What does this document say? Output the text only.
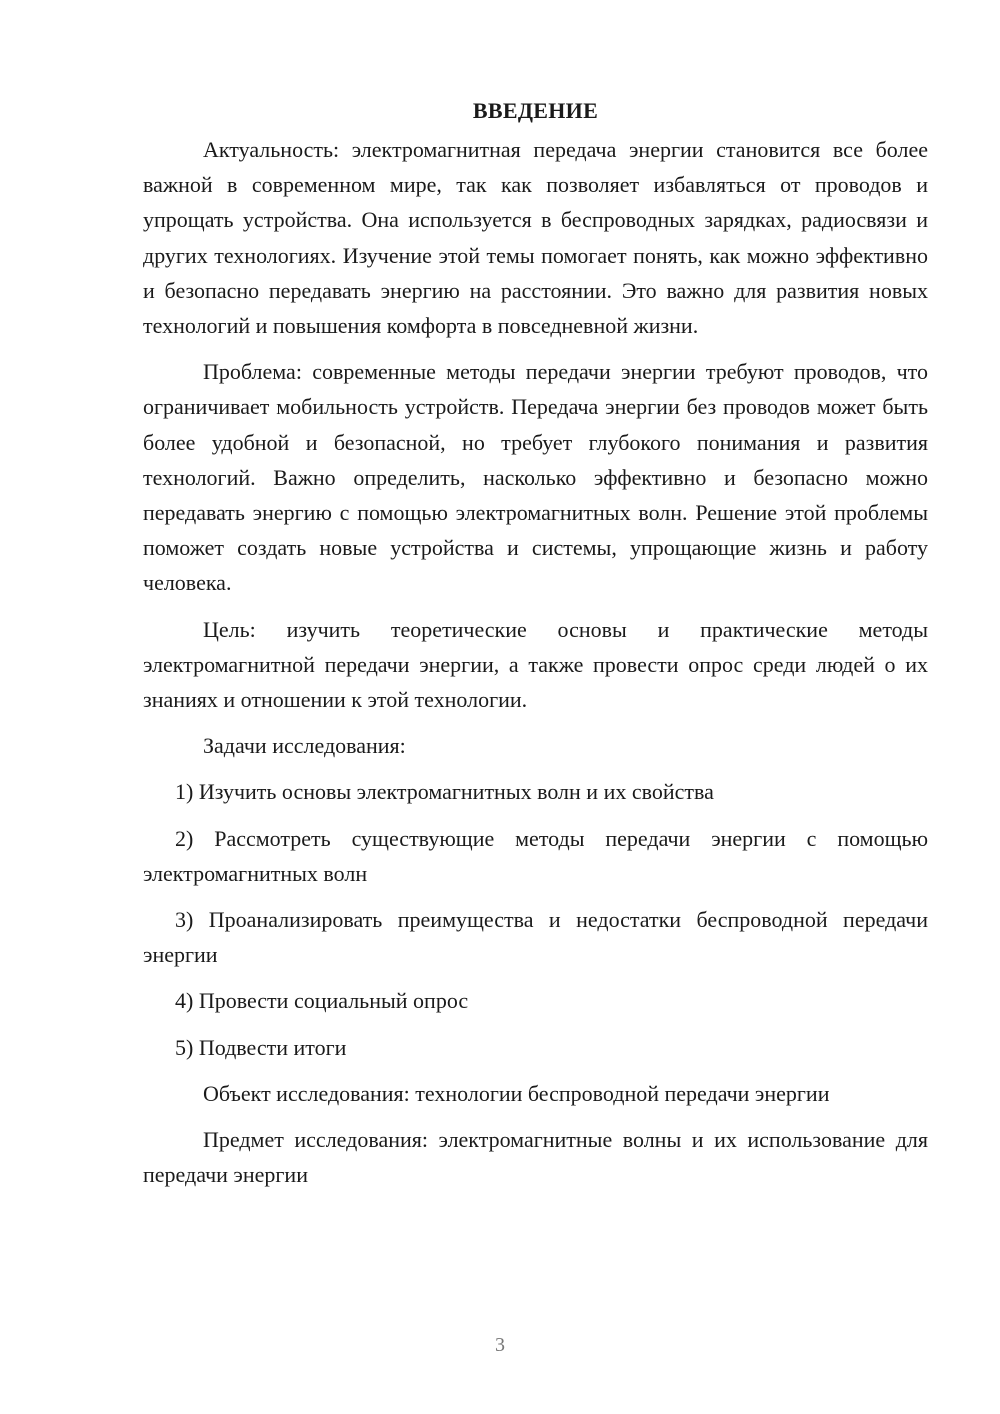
ВВЕДЕНИЕ

Актуальность: электромагнитная передача энергии становится все более важной в современном мире, так как позволяет избавляться от проводов и упрощать устройства. Она используется в беспроводных зарядках, радиосвязи и других технологиях. Изучение этой темы помогает понять, как можно эффективно и безопасно передавать энергию на расстоянии. Это важно для развития новых технологий и повышения комфорта в повседневной жизни.

Проблема: современные методы передачи энергии требуют проводов, что ограничивает мобильность устройств. Передача энергии без проводов может быть более удобной и безопасной, но требует глубокого понимания и развития технологий. Важно определить, насколько эффективно и безопасно можно передавать энергию с помощью электромагнитных волн. Решение этой проблемы поможет создать новые устройства и системы, упрощающие жизнь и работу человека.

Цель: изучить теоретические основы и практические методы электромагнитной передачи энергии, а также провести опрос среди людей о их знаниях и отношении к этой технологии.

Задачи исследования:

1) Изучить основы электромагнитных волн и их свойства

2) Рассмотреть существующие методы передачи энергии с помощью электромагнитных волн

3) Проанализировать преимущества и недостатки беспроводной передачи энергии

4) Провести социальный опрос

5) Подвести итоги

Объект исследования: технологии беспроводной передачи энергии

Предмет исследования: электромагнитные волны и их использование для передачи энергии

3
